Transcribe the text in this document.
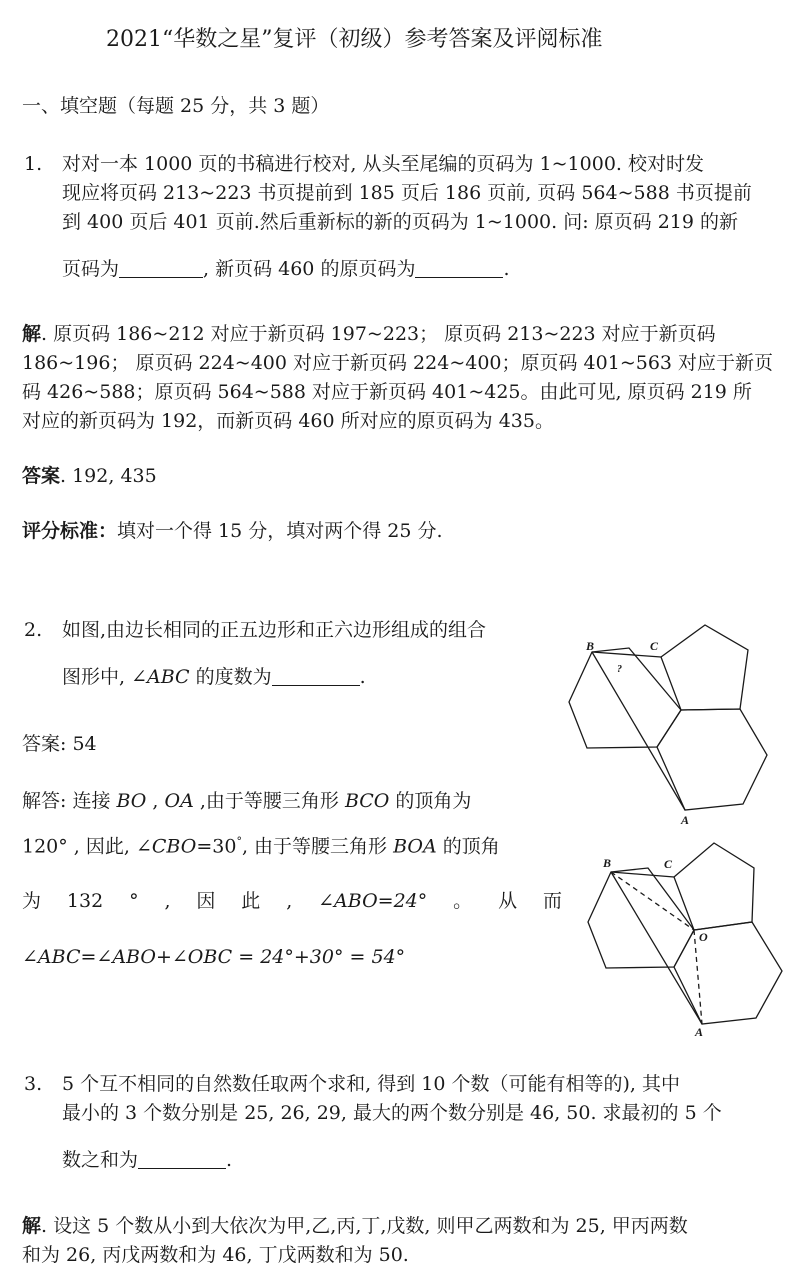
2021“华数之星”复评（初级）参考答案及评阅标准
一、填空题（每题 25 分，共 3 题）
1. 对对一本 1000 页的书稿进行校对, 从头至尾编的页码为 1~1000. 校对时发
现应将页码 213~223 书页提前到 185 页后 186 页前, 页码 564~588 书页提前
到 400 页后 401 页前.然后重新标的新的页码为 1~1000. 问: 原页码 219 的新
页码为	, 新页码 460 的原页码为	.
解. 原页码 186~212 对应于新页码 197~223； 原页码 213~223 对应于新页码
186~196； 原页码 224~400 对应于新页码 224~400；原页码 401~563 对应于新页
码 426~588；原页码 564~588 对应于新页码 401~425。由此可见, 原页码 219 所
对应的新页码为 192，而新页码 460 所对应的原页码为 435。
答案. 192, 435
评分标准：填对一个得 15 分，填对两个得 25 分.
2. 如图,由边长相同的正五边形和正六边形组成的组合
图形中, ∠ABC 的度数为	.
答案: 54
解答: 连接 BO , OA ,由于等腰三角形 BCO 的顶角为
120° , 因此, ∠CBO=30°, 由于等腰三角形 BOA 的顶角
为 132 ° , 因 此 , ∠ABO=24° 。 从 而
∠ABC=∠ABO+∠OBC = 24°+30° = 54°
B	C
A
?
B	C
O
A
3. 5 个互不相同的自然数任取两个求和, 得到 10 个数（可能有相等的), 其中
最小的 3 个数分别是 25, 26, 29, 最大的两个数分别是 46, 50. 求最初的 5 个
数之和为	.
解. 设这 5 个数从小到大依次为甲,乙,丙,丁,戊数, 则甲乙两数和为 25, 甲丙两数
和为 26, 丙戊两数和为 46, 丁戊两数和为 50.
